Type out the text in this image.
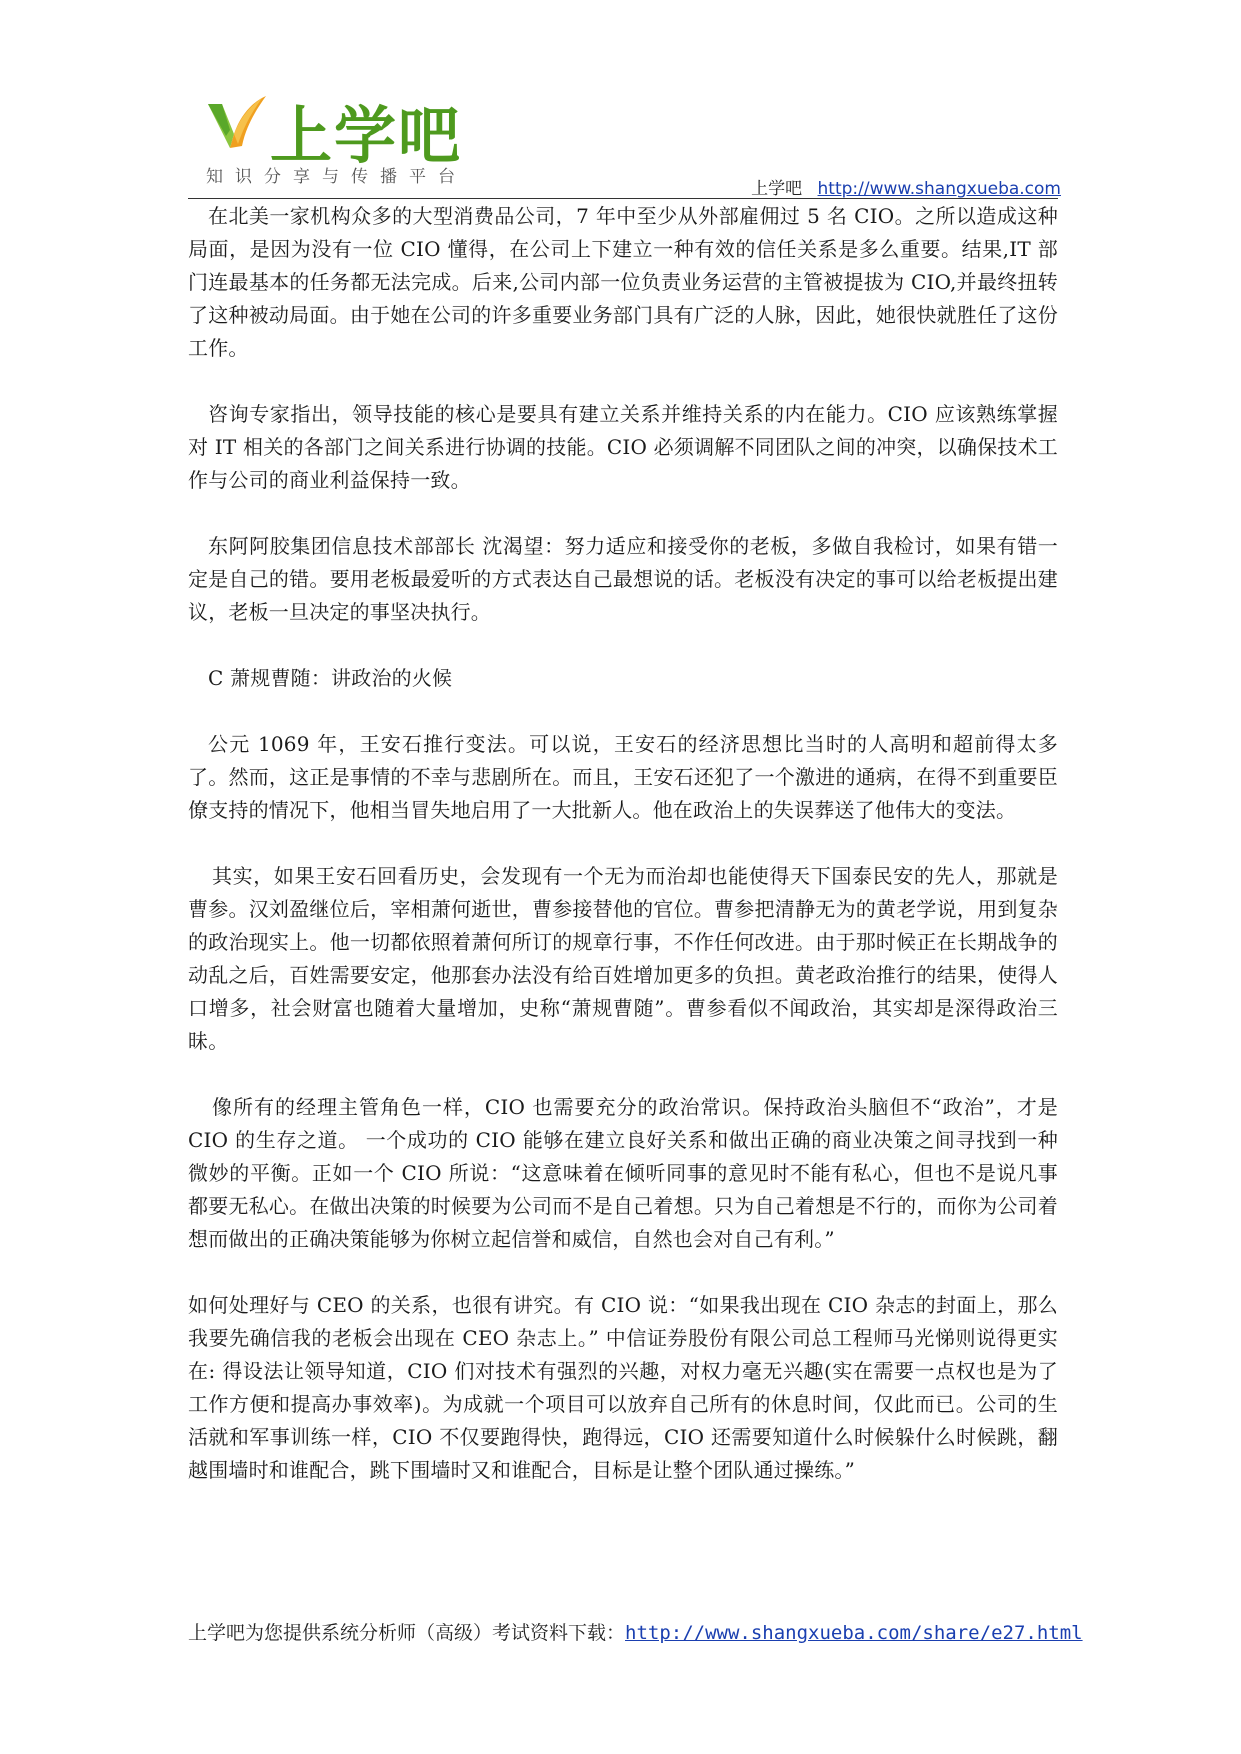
上学吧
知识分享与传播平台
上学吧 http://www.shangxueba.com

在北美一家机构众多的大型消费品公司，7 年中至少从外部雇佣过 5 名 CIO。之所以造成这种局面，是因为没有一位 CIO 懂得，在公司上下建立一种有效的信任关系是多么重要。结果,IT 部门连最基本的任务都无法完成。后来,公司内部一位负责业务运营的主管被提拔为 CIO,并最终扭转了这种被动局面。由于她在公司的许多重要业务部门具有广泛的人脉，因此，她很快就胜任了这份工作。

咨询专家指出，领导技能的核心是要具有建立关系并维持关系的内在能力。CIO 应该熟练掌握对 IT 相关的各部门之间关系进行协调的技能。CIO 必须调解不同团队之间的冲突，以确保技术工作与公司的商业利益保持一致。

东阿阿胶集团信息技术部部长 沈渴望：努力适应和接受你的老板，多做自我检讨，如果有错一定是自己的错。要用老板最爱听的方式表达自己最想说的话。老板没有决定的事可以给老板提出建议，老板一旦决定的事坚决执行。

C 萧规曹随：讲政治的火候

公元 1069 年，王安石推行变法。可以说，王安石的经济思想比当时的人高明和超前得太多了。然而，这正是事情的不幸与悲剧所在。而且，王安石还犯了一个激进的通病，在得不到重要臣僚支持的情况下，他相当冒失地启用了一大批新人。他在政治上的失误葬送了他伟大的变法。

其实，如果王安石回看历史，会发现有一个无为而治却也能使得天下国泰民安的先人，那就是曹参。汉刘盈继位后，宰相萧何逝世，曹参接替他的官位。曹参把清静无为的黄老学说，用到复杂的政治现实上。他一切都依照着萧何所订的规章行事，不作任何改进。由于那时候正在长期战争的动乱之后，百姓需要安定，他那套办法没有给百姓增加更多的负担。黄老政治推行的结果，使得人口增多，社会财富也随着大量增加，史称“萧规曹随”。曹参看似不闻政治，其实却是深得政治三昧。

像所有的经理主管角色一样，CIO 也需要充分的政治常识。保持政治头脑但不“政治”，才是 CIO 的生存之道。 一个成功的 CIO 能够在建立良好关系和做出正确的商业决策之间寻找到一种微妙的平衡。正如一个 CIO 所说：“这意味着在倾听同事的意见时不能有私心，但也不是说凡事都要无私心。在做出决策的时候要为公司而不是自己着想。只为自己着想是不行的，而你为公司着想而做出的正确决策能够为你树立起信誉和威信，自然也会对自己有利。”

如何处理好与 CEO 的关系，也很有讲究。有 CIO 说：“如果我出现在 CIO 杂志的封面上，那么我要先确信我的老板会出现在 CEO 杂志上。” 中信证券股份有限公司总工程师马光悌则说得更实在: 得设法让领导知道，CIO 们对技术有强烈的兴趣，对权力毫无兴趣(实在需要一点权也是为了工作方便和提高办事效率)。为成就一个项目可以放弃自己所有的休息时间，仅此而已。公司的生活就和军事训练一样，CIO 不仅要跑得快，跑得远，CIO 还需要知道什么时候躲什么时候跳，翻越围墙时和谁配合，跳下围墙时又和谁配合，目标是让整个团队通过操练。”

上学吧为您提供系统分析师（高级）考试资料下载：http://www.shangxueba.com/share/e27.html
